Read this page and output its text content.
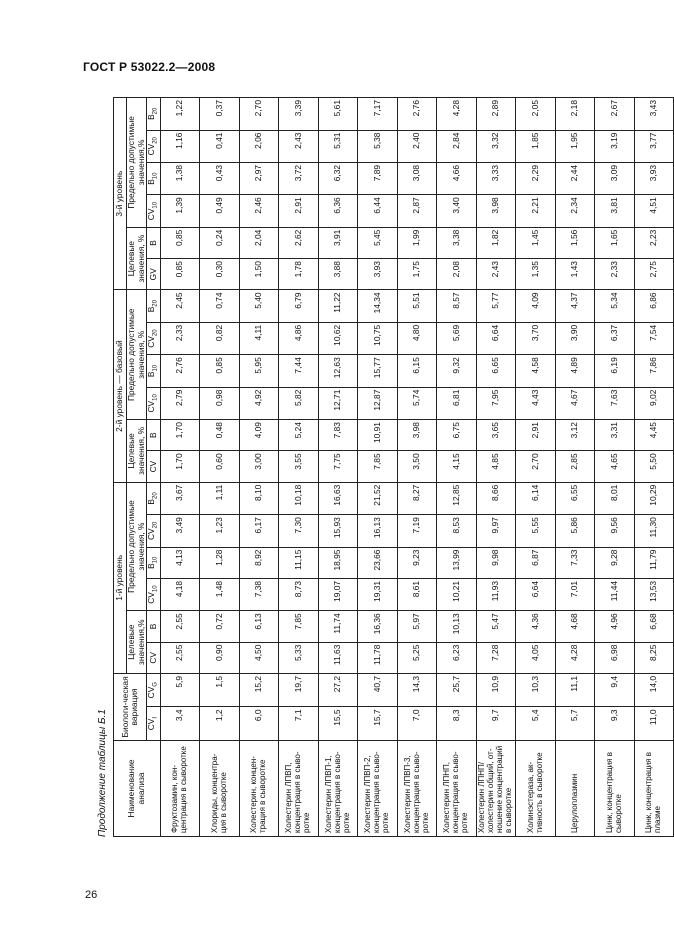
ГОСТ Р 53022.2—2008
26
Продолжение таблицы Б.1	Наименование анализа	Биологи-ческая вариация		1-й уровень						2-й уровень — базовый						3-й уровень					
			Целевые значения,%		Предельно допустимые значения, %				Целевые значения, %		Предельно допустимые значения, %				Целевые значения, %		Предельно допустимые значения,%			
	$CV_I$	$CV_G$	CV	B	$CV_{10}$	$B_{10}$	$CV_{20}$	$B_{20}$	CV	B	$CV_{10}$	$B_{10}$	$CV_{20}$	$B_{20}$	GV	B	$CV_{10}$	$B_{10}$	$CV_{20}$	$B_{20}$
Фруктозамин, кон-центрация в сыворотке	3,4	5,9	2,55	2,55	4,18	4,13	3,49	3,67	1,70	1,70	2,79	2,76	2,33	2,45	0,85	0,85	1,39	1,38	1,16	1,22
Хлориды, концентра-ция в сыворотке	1,2	1,5	0,90	0,72	1,48	1,28	1,23	1,11	0,60	0,48	0,98	0,85	0,82	0,74	0,30	0,24	0,49	0,43	0,41	0,37
Холестерин, концен-трация в сыворотке	6,0	15,2	4,50	6,13	7,38	8,92	6,17	8,10	3,00	4,09	4,92	5,95	4,11	5,40	1,50	2,04	2,46	2,97	2,06	2,70
Холестерин ЛПВП, концентрация в сыво-ротке	7,1	19,7	5,33	7,85	8,73	11,15	7,30	10,18	3,55	5,24	5,82	7,44	4,86	6,79	1,78	2,62	2,91	3,72	2,43	3,39
Холестерин ЛПВП-1, концентрация в сыво-ротке	15,5	27,2	11,63	11,74	19,07	18,95	15,93	16,63	7,75	7,83	12,71	12,63	10,62	11,22	3,88	3,91	6,36	6,32	5,31	5,61
Холестерин ЛПВП-2, концентрация в сыво-ротке	15,7	40,7	11,78	16,36	19,31	23,66	16,13	21,52	7,85	10,91	12,87	15,77	10,75	14,34	3,93	5,45	6,44	7,89	5,38	7,17
Холестерин ЛПВП-3, концентрация в сыво-ротке	7,0	14,3	5,25	5,97	8,61	9,23	7,19	8,27	3,50	3,98	5,74	6,15	4,80	5,51	1,75	1,99	2,87	3,08	2,40	2,76
Холестерин ЛПНП, концентрация в сыво-ротке	8,3	25,7	6,23	10,13	10,21	13,99	8,53	12,85	4,15	6,75	6,81	9,32	5,69	8,57	2,08	3,38	3,40	4,66	2,84	4,28
Холестерин ЛПНП/ холестерин общий, от-ношение концентраций в сыворотке	9,7	10,9	7,28	5,47	11,93	9,98	9,97	8,66	4,85	3,65	7,95	6,65	6,64	5,77	2,43	1,82	3,98	3,33	3,32	2,89
Холинэстераза, ак-тивность в сыворотке	5,4	10,3	4,05	4,36	6,64	6,87	5,55	6,14	2,70	2,91	4,43	4,58	3,70	4,09	1,35	1,45	2,21	2,29	1,85	2,05
Церулоплазмин	5,7	11,1	4,28	4,68	7,01	7,33	5,86	6,55	2,85	3,12	4,67	4,89	3,90	4,37	1,43	1,56	2,34	2,44	1,95	2,18
Цинк, концентрация в сыворотке	9,3	9,4	6,98	4,96	11,44	9,28	9,56	8,01	4,65	3,31	7,63	6,19	6,37	5,34	2,33	1,65	3,81	3,09	3,19	2,67
Цинк, концентрация в плазме	11,0	14,0	8,25	6,68	13,53	11,79	11,30	10,29	5,50	4,45	9,02	7,86	7,54	6,86	2,75	2,23	4,51	3,93	3,77	3,43
